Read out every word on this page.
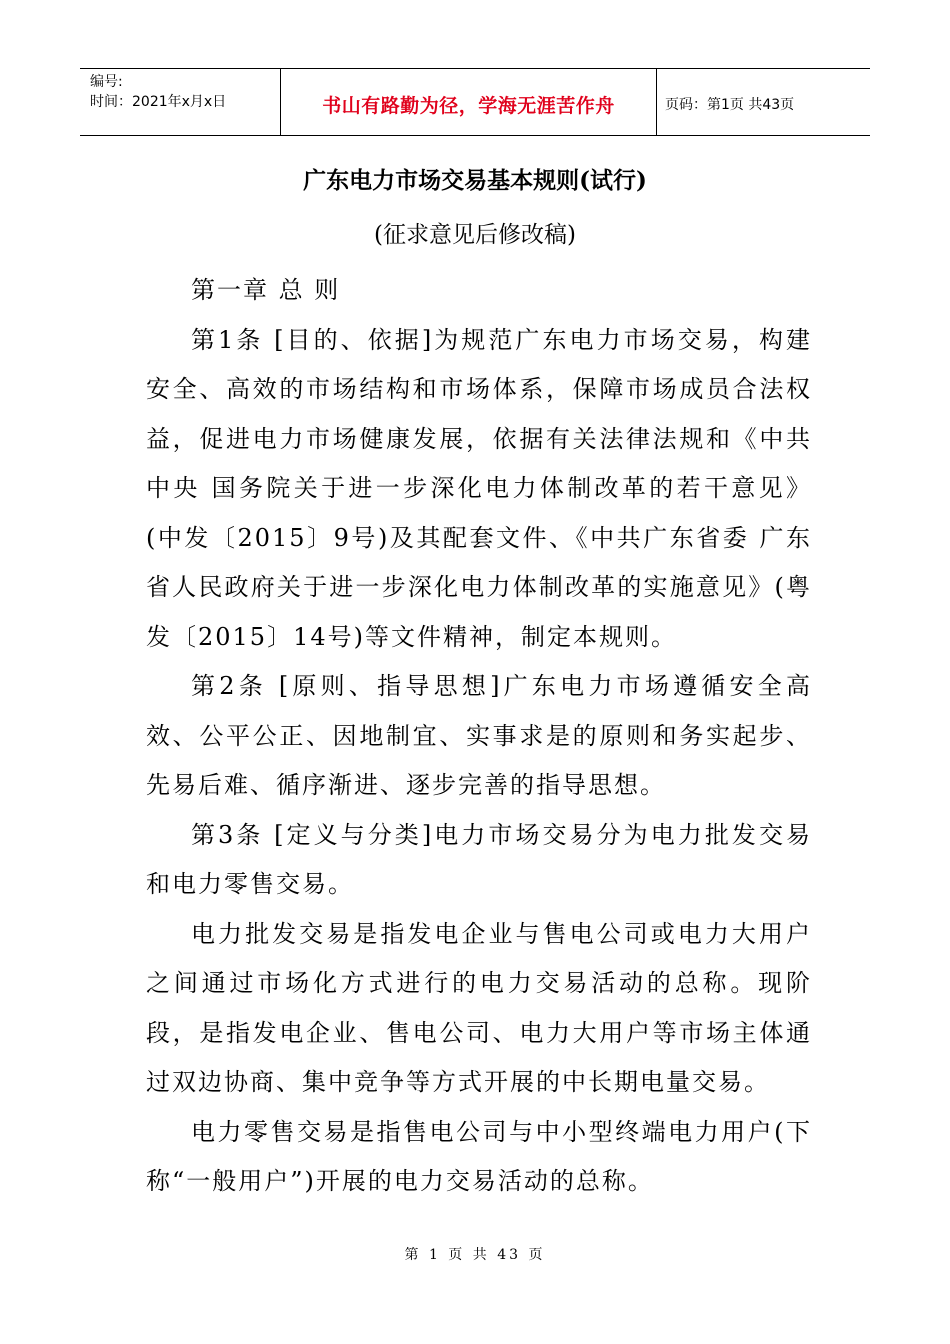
编号:
时间：2021年x月x日	书山有路勤为径，学海无涯苦作舟	页码：第1页 共43页
广东电力市场交易基本规则(试行)
(征求意见后修改稿)

第一章 总 则

第1条 [目的、依据]为规范广东电力市场交易，构建安全、高效的市场结构和市场体系，保障市场成员合法权益，促进电力市场健康发展，依据有关法律法规和《中共中央 国务院关于进一步深化电力体制改革的若干意见》(中发〔2015〕9号)及其配套文件、《中共广东省委 广东省人民政府关于进一步深化电力体制改革的实施意见》(粤发〔2015〕14号)等文件精神，制定本规则。

第2条 [原则、指导思想]广东电力市场遵循安全高效、公平公正、因地制宜、实事求是的原则和务实起步、先易后难、循序渐进、逐步完善的指导思想。

第3条 [定义与分类]电力市场交易分为电力批发交易和电力零售交易。

电力批发交易是指发电企业与售电公司或电力大用户之间通过市场化方式进行的电力交易活动的总称。现阶段，是指发电企业、售电公司、电力大用户等市场主体通过双边协商、集中竞争等方式开展的中长期电量交易。

电力零售交易是指售电公司与中小型终端电力用户(下称“一般用户”)开展的电力交易活动的总称。

第 1 页 共 43 页
